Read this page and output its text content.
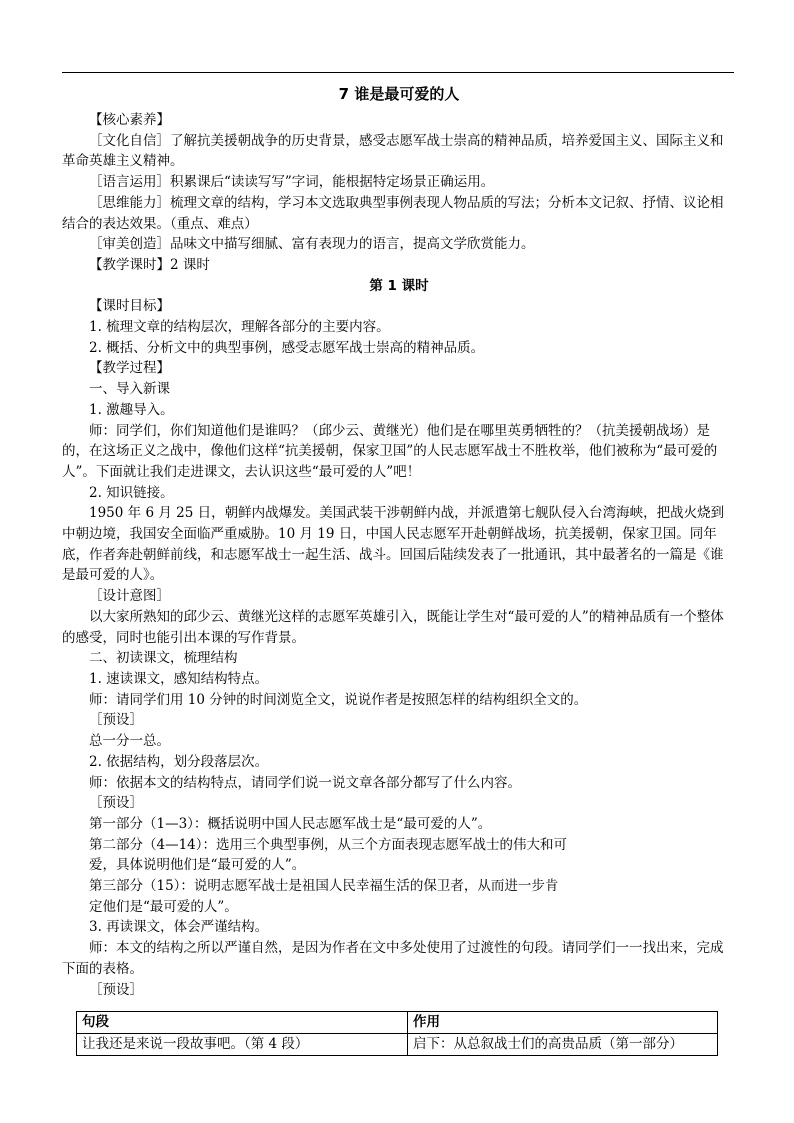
7 谁是最可爱的人

【核心素养】

［文化自信］了解抗美援朝战争的历史背景，感受志愿军战士崇高的精神品质，培养爱国主义、国际主义和革命英雄主义精神。

［语言运用］积累课后“读读写写”字词，能根据特定场景正确运用。

［思维能力］梳理文章的结构，学习本文选取典型事例表现人物品质的写法；分析本文记叙、抒情、议论相结合的表达效果。（重点、难点）

［审美创造］品味文中描写细腻、富有表现力的语言，提高文学欣赏能力。

【教学课时】2 课时

第 1 课时

【课时目标】

1. 梳理文章的结构层次，理解各部分的主要内容。

2. 概括、分析文中的典型事例，感受志愿军战士崇高的精神品质。

【教学过程】

一、导入新课

1. 激趣导入。

师：同学们，你们知道他们是谁吗？（邱少云、黄继光）他们是在哪里英勇牺牲的？（抗美援朝战场）是的，在这场正义之战中，像他们这样“抗美援朝，保家卫国”的人民志愿军战士不胜枚举，他们被称为“最可爱的人”。下面就让我们走进课文，去认识这些“最可爱的人”吧！

2. 知识链接。

1950 年 6 月 25 日，朝鲜内战爆发。美国武装干涉朝鲜内战，并派遣第七舰队侵入台湾海峡，把战火烧到中朝边境，我国安全面临严重威胁。10 月 19 日，中国人民志愿军开赴朝鲜战场，抗美援朝，保家卫国。同年底，作者奔赴朝鲜前线，和志愿军战士一起生活、战斗。回国后陆续发表了一批通讯，其中最著名的一篇是《谁是最可爱的人》。

［设计意图］

以大家所熟知的邱少云、黄继光这样的志愿军英雄引入，既能让学生对“最可爱的人”的精神品质有一个整体的感受，同时也能引出本课的写作背景。

二、初读课文，梳理结构

1. 速读课文，感知结构特点。

师：请同学们用 10 分钟的时间浏览全文，说说作者是按照怎样的结构组织全文的。

［预设］

总一分一总。

2. 依据结构，划分段落层次。

师：依据本文的结构特点，请同学们说一说文章各部分都写了什么内容。

［预设］

第一部分（1—3）：概括说明中国人民志愿军战士是“最可爱的人”。

第二部分（4—14）：选用三个典型事例，从三个方面表现志愿军战士的伟大和可

爱，具体说明他们是“最可爱的人”。

第三部分（15）：说明志愿军战士是祖国人民幸福生活的保卫者，从而进一步肯

定他们是“最可爱的人”。

3. 再读课文，体会严谨结构。

师：本文的结构之所以严谨自然，是因为作者在文中多处使用了过渡性的句段。请同学们一一找出来，完成下面的表格。

［预设］

句段	作用
让我还是来说一段故事吧。（第 4 段）	启下：从总叙战士们的高贵品质（第一部分）
